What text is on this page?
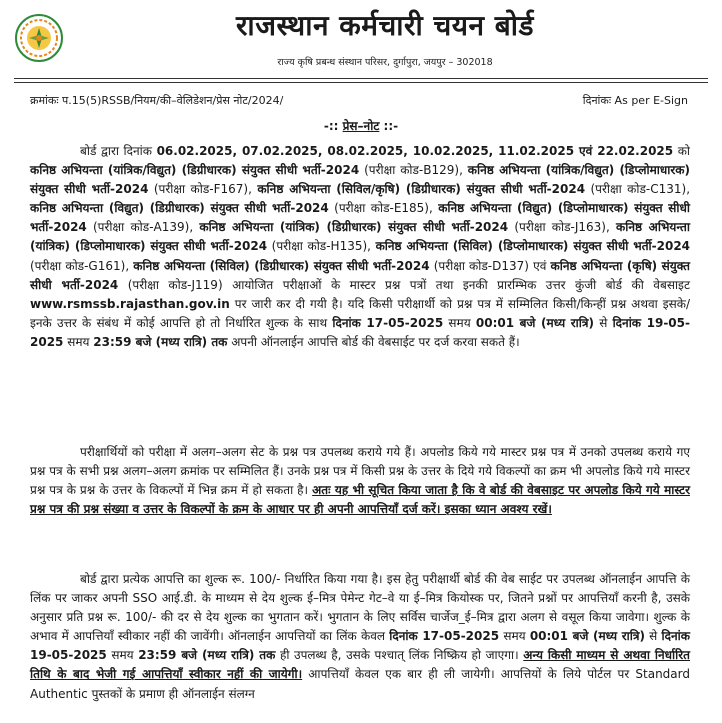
राजस्थान कर्मचारी चयन बोर्ड
राज्य कृषि प्रबन्ध संस्थान परिसर, दुर्गापुरा, जयपुर – 302018
क्रमांकः प.15(5)RSSB/नियम/की–वेलिडेशन/प्रेस नोट/2024/	दिनांकः As per E-Sign
-:: प्रेस–नोट ::-
बोर्ड द्वारा दिनांक 06.02.2025, 07.02.2025, 08.02.2025, 10.02.2025, 11.02.2025 एवं 22.02.2025 को कनिष्ठ अभियन्ता (यांत्रिक/विद्युत) (डिग्रीधारक) संयुक्त सीधी भर्ती-2024 (परीक्षा कोड-B129), कनिष्ठ अभियन्ता (यांत्रिक/विद्युत) (डिप्लोमाधारक) संयुक्त सीधी भर्ती-2024 (परीक्षा कोड-F167), कनिष्ठ अभियन्ता (सिविल/कृषि) (डिग्रीधारक) संयुक्त सीधी भर्ती-2024 (परीक्षा कोड-C131), कनिष्ठ अभियन्ता (विद्युत) (डिग्रीधारक) संयुक्त सीधी भर्ती-2024 (परीक्षा कोड-E185), कनिष्ठ अभियन्ता (विद्युत) (डिप्लोमाधारक) संयुक्त सीधी भर्ती-2024 (परीक्षा कोड-A139), कनिष्ठ अभियन्ता (यांत्रिक) (डिग्रीधारक) संयुक्त सीधी भर्ती-2024 (परीक्षा कोड-J163), कनिष्ठ अभियन्ता (यांत्रिक) (डिप्लोमाधारक) संयुक्त सीधी भर्ती-2024 (परीक्षा कोड-H135), कनिष्ठ अभियन्ता (सिविल) (डिप्लोमाधारक) संयुक्त सीधी भर्ती-2024 (परीक्षा कोड-G161), कनिष्ठ अभियन्ता (सिविल) (डिग्रीधारक) संयुक्त सीधी भर्ती-2024 (परीक्षा कोड-D137) एवं कनिष्ठ अभियन्ता (कृषि) संयुक्त सीधी भर्ती-2024 (परीक्षा कोड-J119) आयोजित परीक्षाओं के मास्टर प्रश्न पत्रों तथा इनकी प्रारम्भिक उत्तर कुंजी बोर्ड की वेबसाइट www.rsmssb.rajasthan.gov.in पर जारी कर दी गयी है। यदि किसी परीक्षार्थी को प्रश्न पत्र में सम्मिलित किसी/किन्हीं प्रश्न अथवा इसके/इनके उत्तर के संबंध में कोई आपत्ति हो तो निर्धारित शुल्क के साथ दिनांक 17-05-2025 समय 00:01 बजे (मध्य रात्रि) से दिनांक 19-05-2025 समय 23:59 बजे (मध्य रात्रि) तक अपनी ऑनलाईन आपत्ति बोर्ड की वेबसाईट पर दर्ज करवा सकते हैं।
परीक्षार्थियों को परीक्षा में अलग–अलग सेट के प्रश्न पत्र उपलब्ध कराये गये हैं। अपलोड किये गये मास्टर प्रश्न पत्र में उनको उपलब्ध कराये गए प्रश्न पत्र के सभी प्रश्न अलग–अलग क्रमांक पर सम्मिलित हैं। उनके प्रश्न पत्र में किसी प्रश्न के उत्तर के दिये गये विकल्पों का क्रम भी अपलोड किये गये मास्टर प्रश्न पत्र के प्रश्न के उत्तर के विकल्पों में भिन्न क्रम में हो सकता है। अतः यह भी सूचित किया जाता है कि वे बोर्ड की वेबसाइट पर अपलोड किये गये मास्टर प्रश्न पत्र की प्रश्न संख्या व उत्तर के विकल्पों के क्रम के आधार पर ही अपनी आपत्तियाँ दर्ज करें। इसका ध्यान अवश्य रखें।
बोर्ड द्वारा प्रत्येक आपत्ति का शुल्क रू. 100/- निर्धारित किया गया है। इस हेतु परीक्षार्थी बोर्ड की वेब साईट पर उपलब्ध ऑनलाईन आपत्ति के लिंक पर जाकर अपनी SSO आई.डी. के माध्यम से देय शुल्क ई–मित्र पेमेन्ट गेट–वे या ई–मित्र कियोस्क पर, जितने प्रश्नों पर आपत्तियाँ करनी है, उसके अनुसार प्रति प्रश्न रू. 100/- की दर से देय शुल्क का भुगतान करें। भुगतान के लिए सर्विस चार्जेज_ई–मित्र द्वारा अलग से वसूल किया जावेगा। शुल्क के अभाव में आपत्तियाँ स्वीकार नहीं की जावेंगी। ऑनलाईन आपत्तियों का लिंक केवल दिनांक 17-05-2025 समय 00:01 बजे (मध्य रात्रि) से दिनांक 19-05-2025 समय 23:59 बजे (मध्य रात्रि) तक ही उपलब्ध है, उसके पश्चात् लिंक निष्क्रिय हो जाएगा। अन्य किसी माध्यम से अथवा निर्धारित तिथि के बाद भेजी गई आपत्तियाँ स्वीकार नहीं की जायेगी। आपत्तियाँ केवल एक बार ही ली जायेगी। आपत्तियों के लिये पोर्टल पर Standard Authentic पुस्तकों के प्रमाण ही ऑनलाईन संलग्न
